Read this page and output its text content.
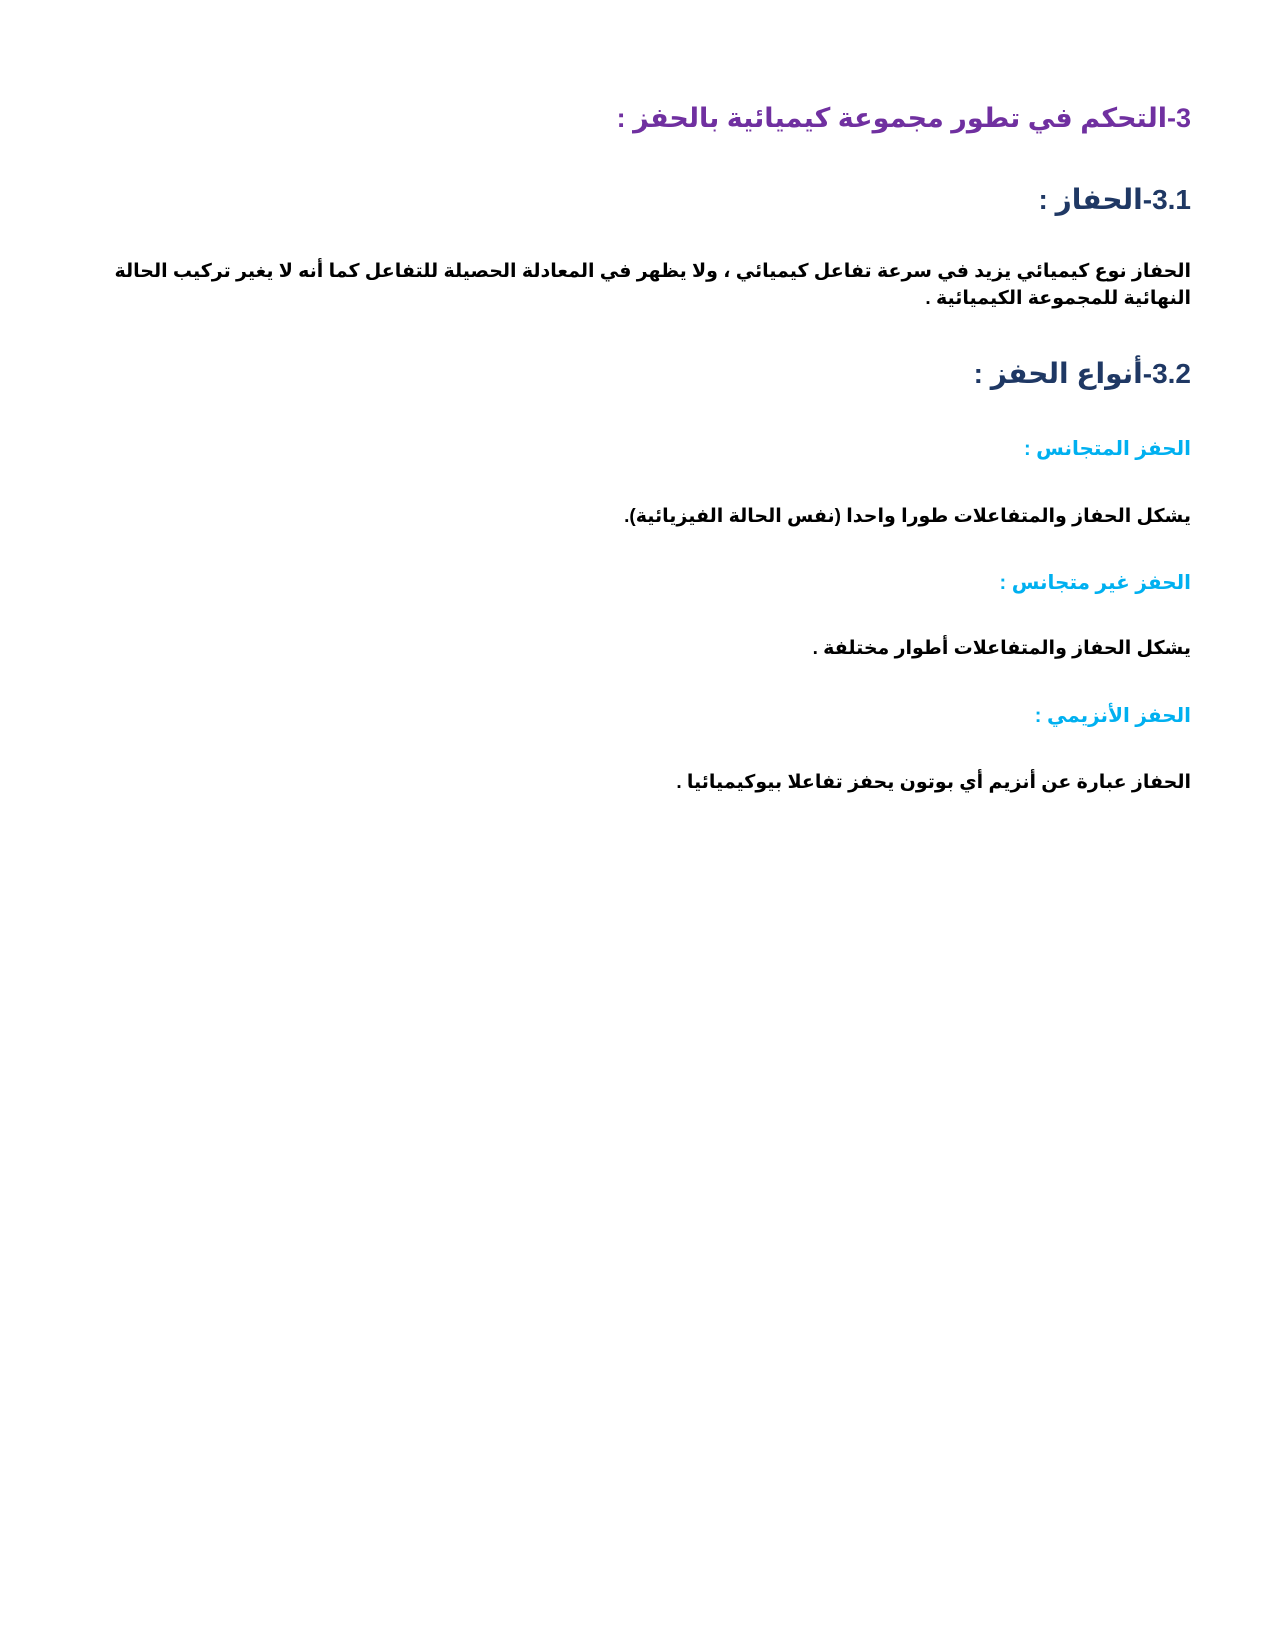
3-التحكم في تطور مجموعة كيميائية بالحفز :
3.1-الحفاز :

الحفاز نوع كيميائي يزيد في سرعة تفاعل كيميائي ، ولا يظهر في المعادلة الحصيلة للتفاعل كما أنه لا يغير تركيب الحالة النهائية للمجموعة الكيميائية .

3.2-أنواع الحفز :
الحفز المتجانس :

يشكل الحفاز والمتفاعلات طورا واحدا (نفس الحالة الفيزيائية).

الحفز غير متجانس :

يشكل الحفاز والمتفاعلات أطوار مختلفة .

الحفز الأنزيمي :

الحفاز عبارة عن أنزيم أي بوتون يحفز تفاعلا بيوكيميائيا .
